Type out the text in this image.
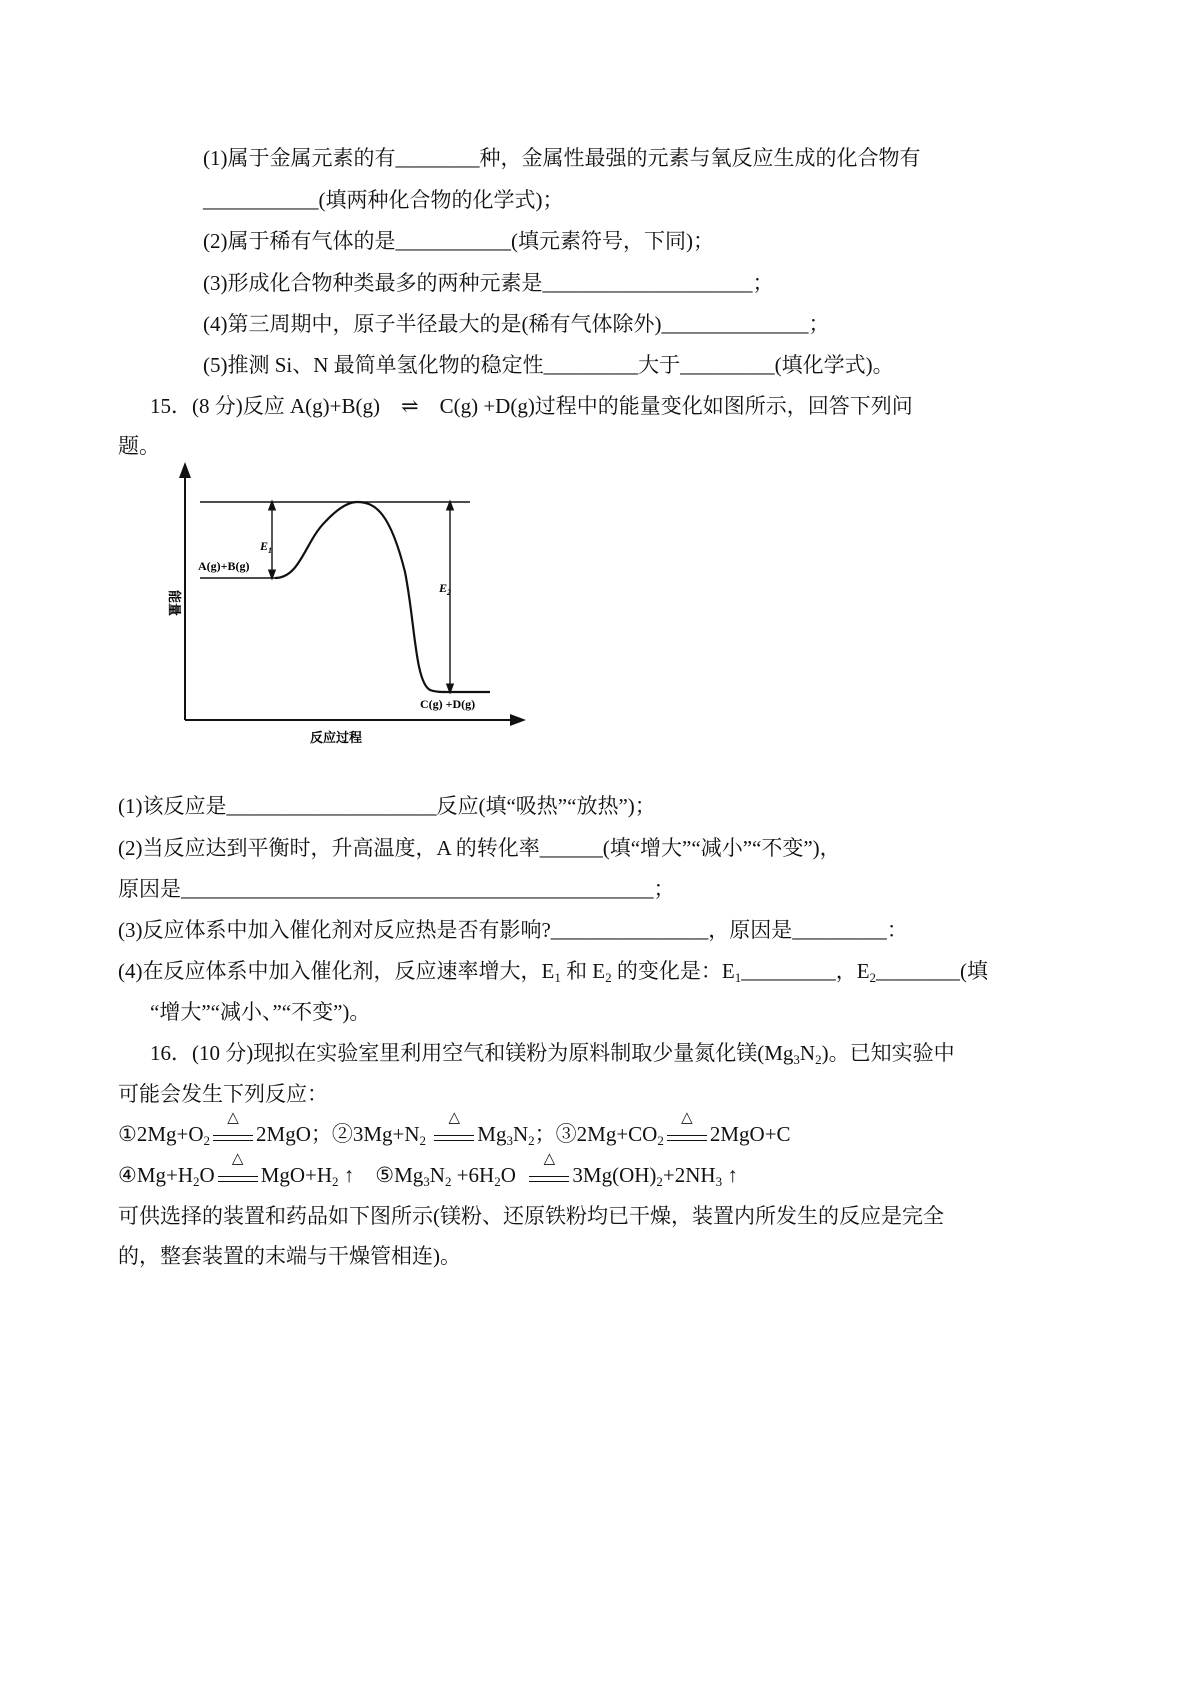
(1)属于金属元素的有________种，金属性最强的元素与氧反应生成的化合物有
___________(填两种化合物的化学式)；
(2)属于稀有气体的是___________(填元素符号，下同)；
(3)形成化合物种类最多的两种元素是____________________；
(4)第三周期中，原子半径最大的是(稀有气体除外)______________；
(5)推测 Si、N 最简单氢化物的稳定性_________大于_________(填化学式)。
15．(8 分)反应 A(g)+B(g)    ⇌    C(g) +D(g)过程中的能量变化如图所示，回答下列问
题。
$E_1$
$E_2$
A(g)+B(g)
C(g) +D(g)
能量
反应过程
(1)该反应是____________________反应(填“吸热”“放热”)；
(2)当反应达到平衡时，升高温度，A 的转化率______(填“增大”“减小”“不变”)，
原因是_____________________________________________；
(3)反应体系中加入催化剂对反应热是否有影响?_______________，原因是_________：
(4)在反应体系中加入催化剂，反应速率增大，$E_1$ 和 $E_2$ 的变化是：$E_1\_\_\_\_\_\_\_\_\_$，$E_2\_\_\_\_\_\_\_\_$(填
“增大”“减小、”“不变”)。
16．(10 分)现拟在实验室里利用空气和镁粉为原料制取少量氮化镁$(Mg_3N_2)$。已知实验中
可能会发生下列反应：
$①2Mg+O_2$
△
2MgO；$②3Mg+N_2$
△
$Mg_3N_2$；$③2Mg+CO_2$
△
2MgO+C
$④Mg+H_2O$
△
$MgO+H_2$ ↑    $⑤Mg_3N_2 +6H_2O$
△
$3Mg(OH)_2+2NH_3$ ↑
可供选择的装置和药品如下图所示(镁粉、还原铁粉均已干燥，装置内所发生的反应是完全
的，整套装置的末端与干燥管相连)。
